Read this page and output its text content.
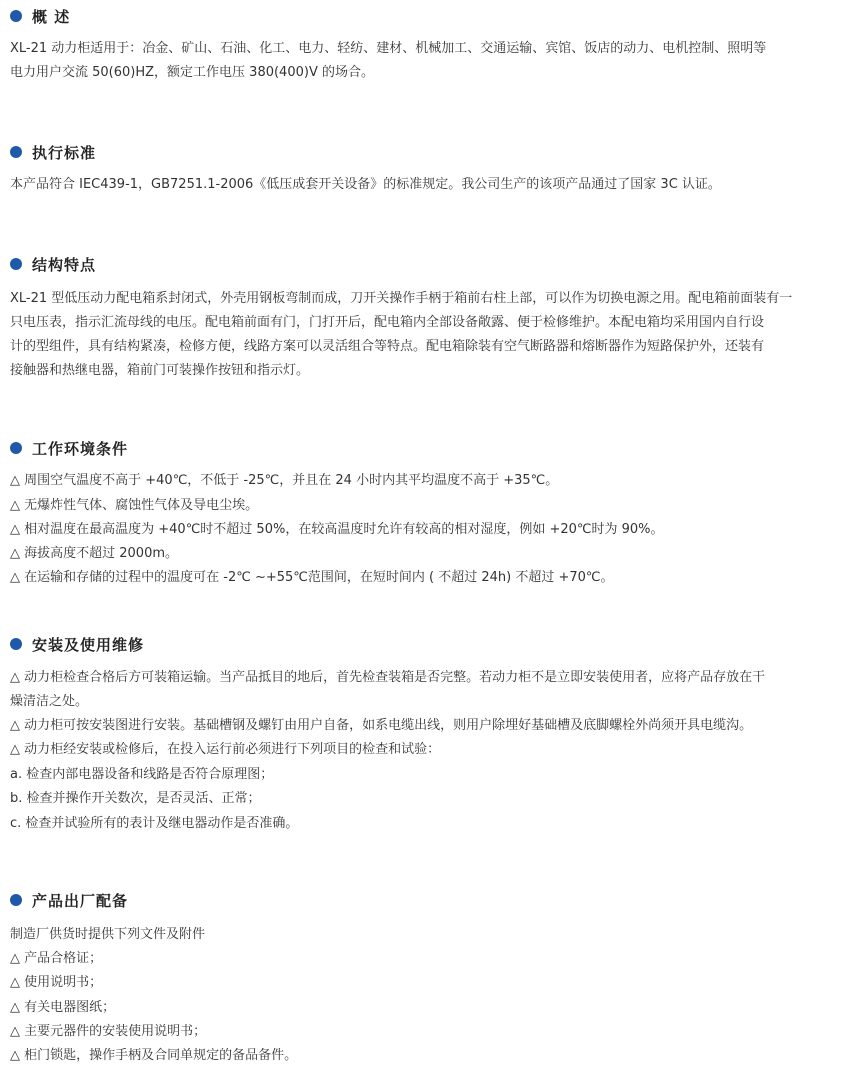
概 述
XL-21 动力柜适用于：冶金、矿山、石油、化工、电力、轻纺、建材、机械加工、交通运输、宾馆、饭店的动力、电机控制、照明等
电力用户交流 50(60)HZ，额定工作电压 380(400)V 的场合。
执行标准
本产品符合 IEC439-1，GB7251.1-2006《低压成套开关设备》的标准规定。我公司生产的该项产品通过了国家 3C 认证。
结构特点
XL-21 型低压动力配电箱系封闭式，外壳用钢板弯制而成，刀开关操作手柄于箱前右柱上部，可以作为切换电源之用。配电箱前面装有一
只电压表，指示汇流母线的电压。配电箱前面有门，门打开后，配电箱内全部设备敞露、便于检修维护。本配电箱均采用国内自行设
计的型组件，具有结构紧凑，检修方便，线路方案可以灵活组合等特点。配电箱除装有空气断路器和熔断器作为短路保护外，还装有
接触器和热继电器，箱前门可装操作按钮和指示灯。
工作环境条件
△ 周围空气温度不高于 +40℃，不低于 -25℃，并且在 24 小时内其平均温度不高于 +35℃。
△ 无爆炸性气体、腐蚀性气体及导电尘埃。
△ 相对温度在最高温度为 +40℃时不超过 50%，在较高温度时允许有较高的相对湿度，例如 +20℃时为 90%。
△ 海拔高度不超过 2000m。
△ 在运输和存储的过程中的温度可在 -2℃ ~+55℃范围间，在短时间内 ( 不超过 24h) 不超过 +70℃。
安装及使用维修
△ 动力柜检查合格后方可装箱运输。当产品抵目的地后，首先检查装箱是否完整。若动力柜不是立即安装使用者，应将产品存放在干
燥清洁之处。
△ 动力柜可按安装图进行安装。基础槽钢及螺钉由用户自备，如系电缆出线，则用户除埋好基础槽及底脚螺栓外尚须开具电缆沟。
△ 动力柜经安装或检修后，在投入运行前必须进行下列项目的检查和试验：
a. 检查内部电器设备和线路是否符合原理图；
b. 检查并操作开关数次，是否灵活、正常；
c. 检查并试验所有的表计及继电器动作是否准确。
产品出厂配备
制造厂供货时提供下列文件及附件
△ 产品合格证；
△ 使用说明书；
△ 有关电器图纸；
△ 主要元器件的安装使用说明书；
△ 柜门锁匙，操作手柄及合同单规定的备品备件。
